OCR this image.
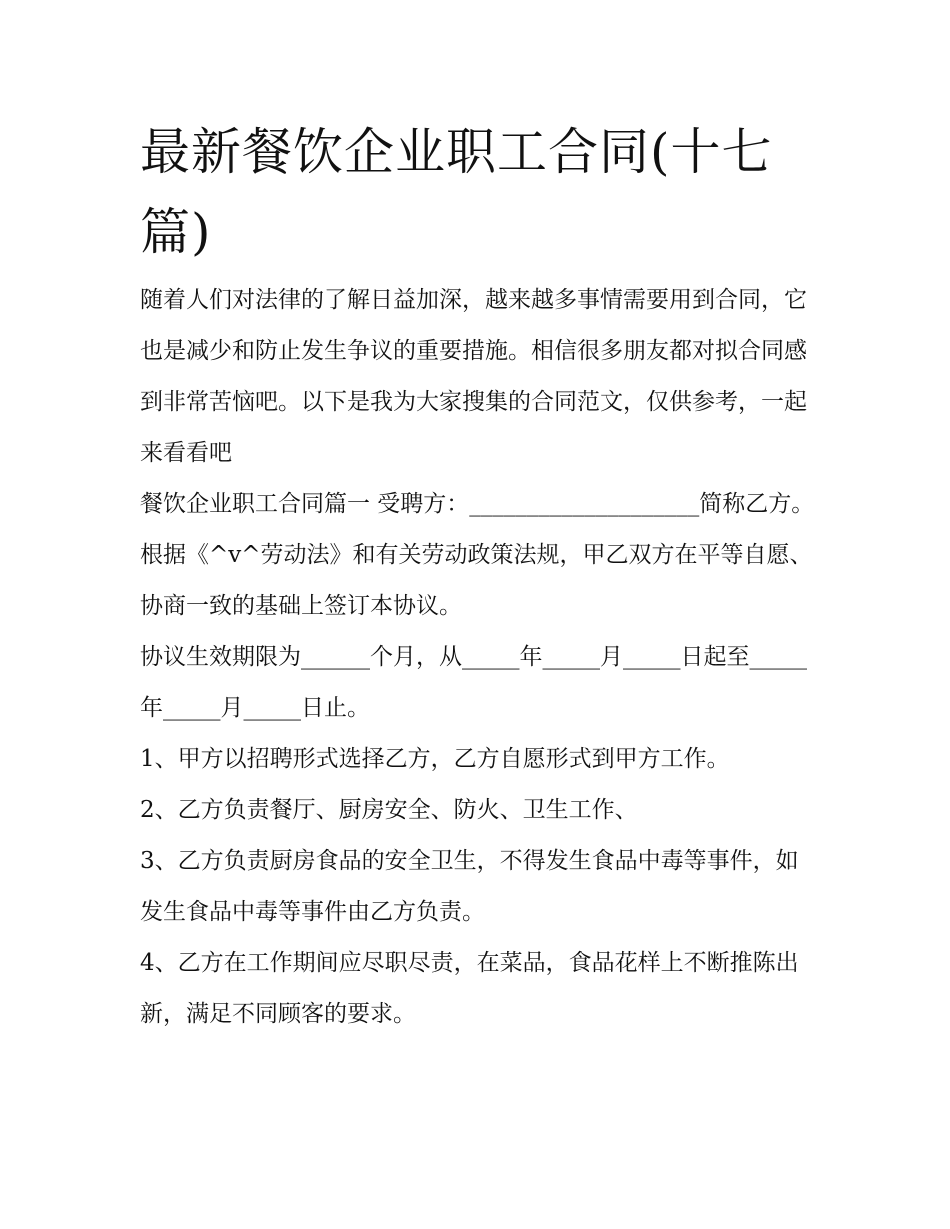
最新餐饮企业职工合同(十七篇)

随着人们对法律的了解日益加深，越来越多事情需要用到合同，它也是减少和防止发生争议的重要措施。相信很多朋友都对拟合同感到非常苦恼吧。以下是我为大家搜集的合同范文，仅供参考，一起来看看吧

餐饮企业职工合同篇一 受聘方：____________________简称乙方。

根据《^v^劳动法》和有关劳动政策法规，甲乙双方在平等自愿、协商一致的基础上签订本协议。

协议生效期限为______个月，从_____年_____月_____日起至_____年_____月_____日止。

1、甲方以招聘形式选择乙方，乙方自愿形式到甲方工作。

2、乙方负责餐厅、厨房安全、防火、卫生工作、

3、乙方负责厨房食品的安全卫生，不得发生食品中毒等事件，如发生食品中毒等事件由乙方负责。

4、乙方在工作期间应尽职尽责，在菜品，食品花样上不断推陈出新，满足不同顾客的要求。
